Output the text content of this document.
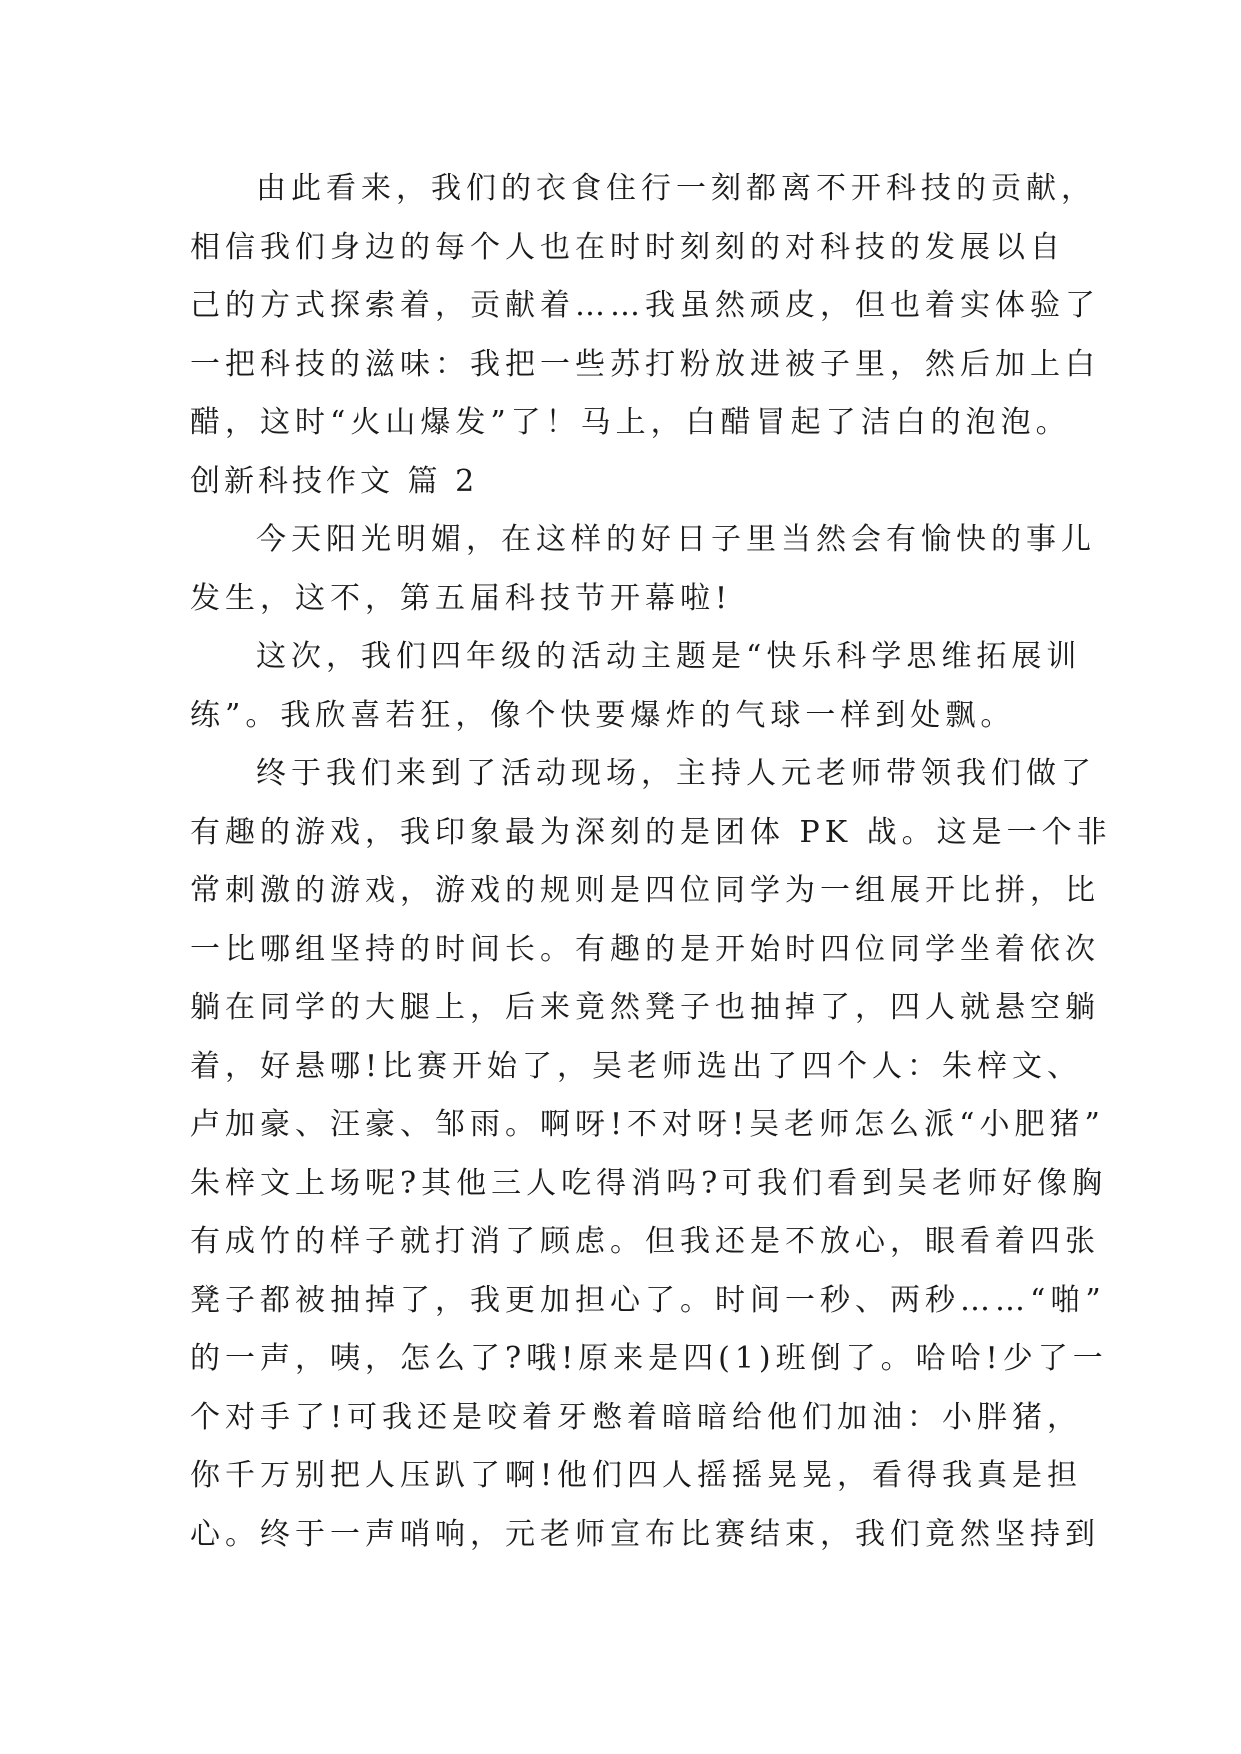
由此看来，我们的衣食住行一刻都离不开科技的贡献，
相信我们身边的每个人也在时时刻刻的对科技的发展以自
己的方式探索着，贡献着……我虽然顽皮，但也着实体验了
一把科技的滋味：我把一些苏打粉放进被子里，然后加上白
醋，这时“火山爆发”了！马上，白醋冒起了洁白的泡泡。
创新科技作文 篇 2
今天阳光明媚，在这样的好日子里当然会有愉快的事儿
发生，这不，第五届科技节开幕啦!
这次，我们四年级的活动主题是“快乐科学思维拓展训
练”。我欣喜若狂，像个快要爆炸的气球一样到处飘。
终于我们来到了活动现场，主持人元老师带领我们做了
有趣的游戏，我印象最为深刻的是团体 PK 战。这是一个非
常刺激的游戏，游戏的规则是四位同学为一组展开比拼，比
一比哪组坚持的时间长。有趣的是开始时四位同学坐着依次
躺在同学的大腿上，后来竟然凳子也抽掉了，四人就悬空躺
着，好悬哪!比赛开始了，吴老师选出了四个人：朱梓文、
卢加豪、汪豪、邹雨。啊呀!不对呀!吴老师怎么派“小肥猪”
朱梓文上场呢?其他三人吃得消吗?可我们看到吴老师好像胸
有成竹的样子就打消了顾虑。但我还是不放心，眼看着四张
凳子都被抽掉了，我更加担心了。时间一秒、两秒……“啪”
的一声，咦，怎么了?哦!原来是四(1)班倒了。哈哈!少了一
个对手了!可我还是咬着牙憋着暗暗给他们加油：小胖猪，
你千万别把人压趴了啊!他们四人摇摇晃晃，看得我真是担
心。终于一声哨响，元老师宣布比赛结束，我们竟然坚持到
